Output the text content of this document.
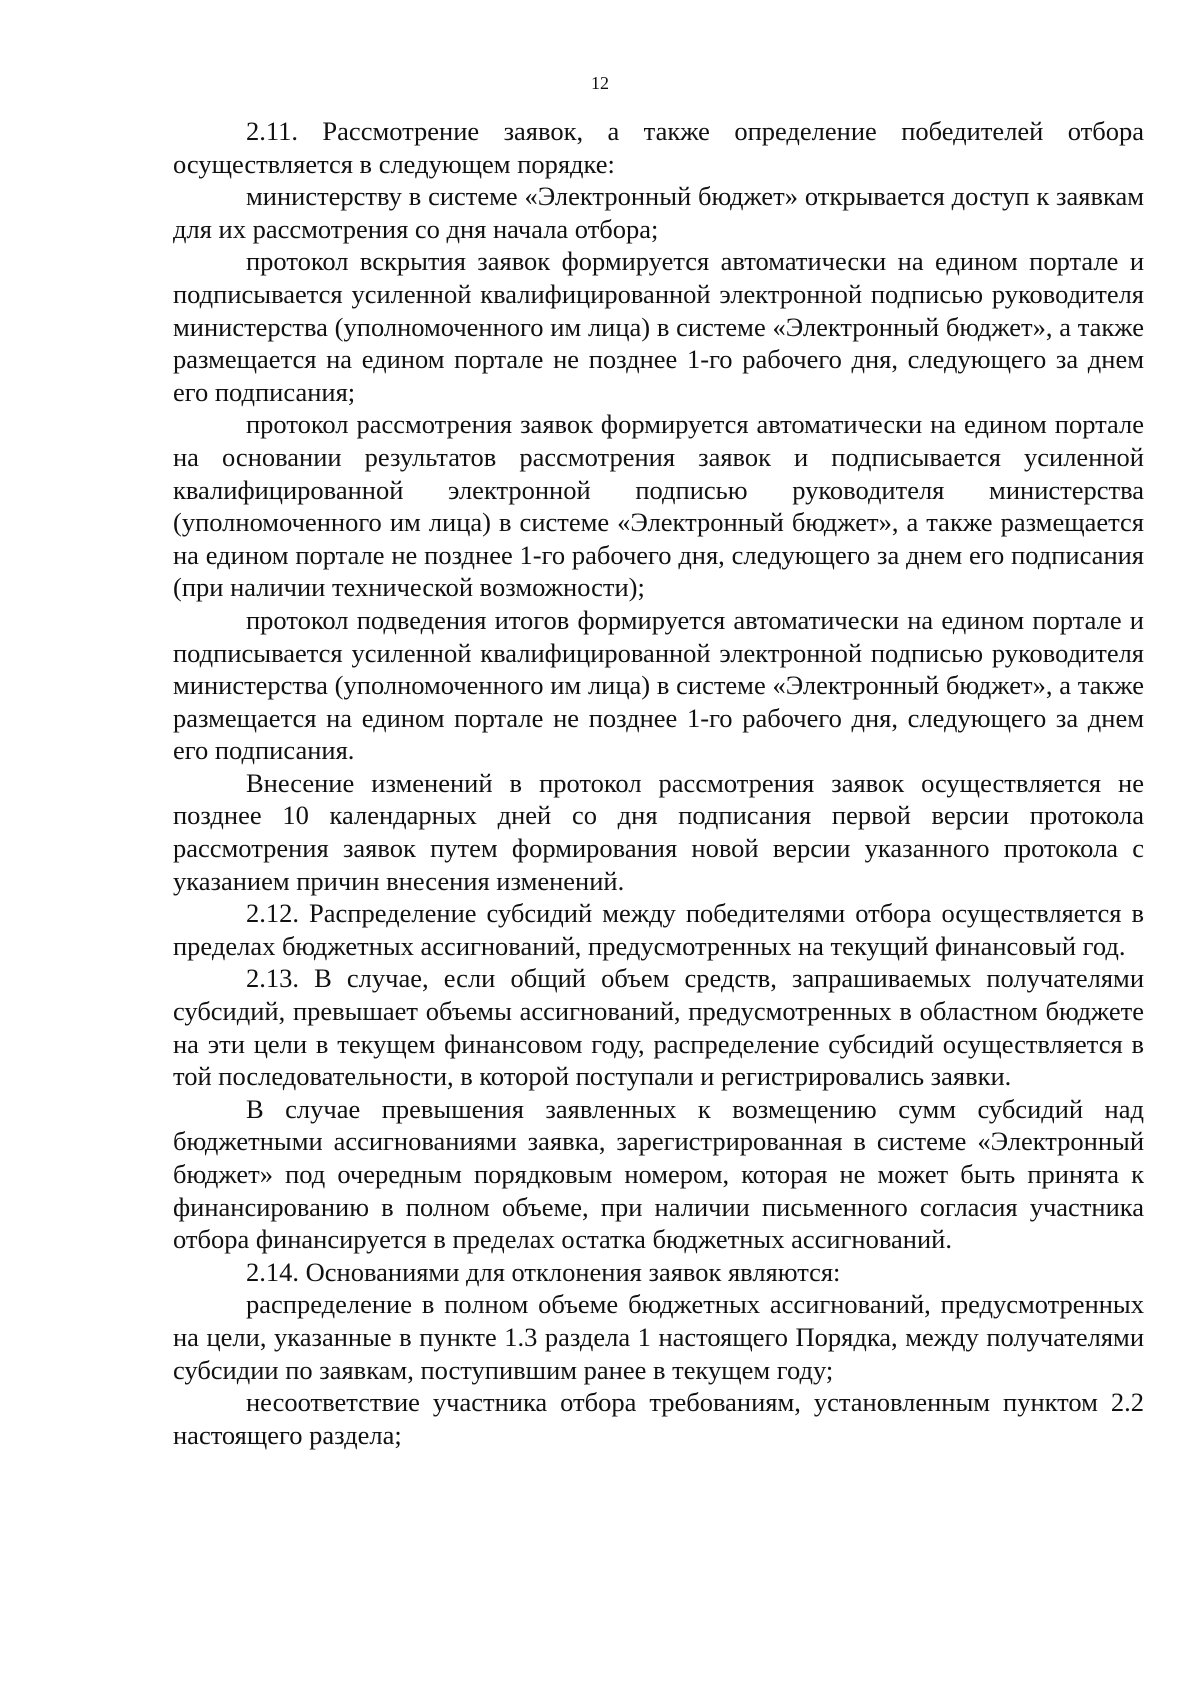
12

2.11. Рассмотрение заявок, а также определение победителей отбора осуществляется в следующем порядке:

министерству в системе «Электронный бюджет» открывается доступ к заявкам для их рассмотрения со дня начала отбора;

протокол вскрытия заявок формируется автоматически на едином портале и подписывается усиленной квалифицированной электронной подписью руководителя министерства (уполномоченного им лица) в системе «Электронный бюджет», а также размещается на едином портале не позднее 1-го рабочего дня, следующего за днем его подписания;

протокол рассмотрения заявок формируется автоматически на едином портале на основании результатов рассмотрения заявок и подписывается усиленной квалифицированной электронной подписью руководителя министерства (уполномоченного им лица) в системе «Электронный бюджет», а также размещается на едином портале не позднее 1-го рабочего дня, следующего за днем его подписания (при наличии технической возможности);

протокол подведения итогов формируется автоматически на едином портале и подписывается усиленной квалифицированной электронной подписью руководителя министерства (уполномоченного им лица) в системе «Электронный бюджет», а также размещается на едином портале не позднее 1-го рабочего дня, следующего за днем его подписания.

Внесение изменений в протокол рассмотрения заявок осуществляется не позднее 10 календарных дней со дня подписания первой версии протокола рассмотрения заявок путем формирования новой версии указанного протокола с указанием причин внесения изменений.

2.12. Распределение субсидий между победителями отбора осуществляется в пределах бюджетных ассигнований, предусмотренных на текущий финансовый год.

2.13. В случае, если общий объем средств, запрашиваемых получателями субсидий, превышает объемы ассигнований, предусмотренных в областном бюджете на эти цели в текущем финансовом году, распределение субсидий осуществляется в той последовательности, в которой поступали и регистрировались заявки.

В случае превышения заявленных к возмещению сумм субсидий над бюджетными ассигнованиями заявка, зарегистрированная в системе «Электронный бюджет» под очередным порядковым номером, которая не может быть принята к финансированию в полном объеме, при наличии письменного согласия участника отбора финансируется в пределах остатка бюджетных ассигнований.

2.14. Основаниями для отклонения заявок являются:

распределение в полном объеме бюджетных ассигнований, предусмотренных на цели, указанные в пункте 1.3 раздела 1 настоящего Порядка, между получателями субсидии по заявкам, поступившим ранее в текущем году;

несоответствие участника отбора требованиям, установленным пунктом 2.2 настоящего раздела;
